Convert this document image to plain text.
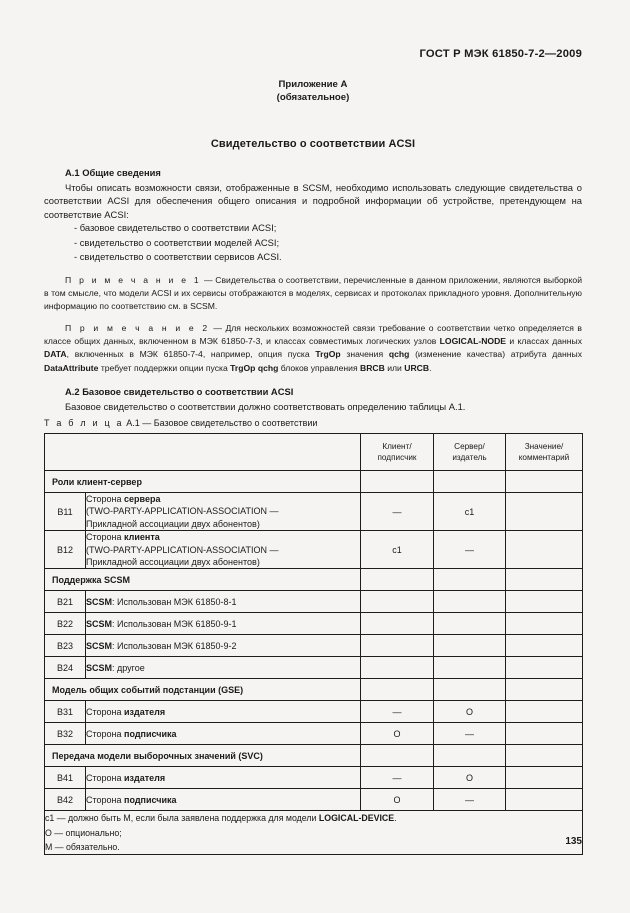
ГОСТ Р МЭК 61850-7-2—2009
Приложение А
(обязательное)
Свидетельство о соответствии ACSI
А.1 Общие сведения

Чтобы описать возможности связи, отображенные в SCSM, необходимо использовать следующие свидетельства о соответствии ACSI для обеспечения общего описания и подробной информации об устройстве, претендующем на соответствие ACSI:

- базовое свидетельство о соответствии ACSI;
- свидетельство о соответствии моделей ACSI;
- свидетельство о соответствии сервисов ACSI.

П р и м е ч а н и е 1 — Свидетельства о соответствии, перечисленные в данном приложении, являются выборкой в том смысле, что модели ACSI и их сервисы отображаются в моделях, сервисах и протоколах прикладного уровня. Дополнительную информацию по соответствию см. в SCSM.

П р и м е ч а н и е 2 — Для нескольких возможностей связи требование о соответствии четко определяется в классе общих данных, включенном в МЭК 61850-7-3, и классах совместимых логических узлов LOGICAL-NODE и классах данных DATA, включенных в МЭК 61850-7-4, например, опция пуска TrgOp значения qchg (изменение качества) атрибута данных DataAttribute требует поддержки опции пуска TrgOp qchg блоков управления BRCB или URCB.

А.2 Базовое свидетельство о соответствии ACSI

Базовое свидетельство о соответствии должно соответствовать определению таблицы А.1.

Т а б л и ц а А.1 — Базовое свидетельство о соответствии
		Клиент/
подписчик	Сервер/
издатель	Значение/
комментарий
Роли клиент-сервер				
В11	Сторона сервера
(TWO-PARTY-APPLICATION-ASSOCIATION —
Прикладной ассоциации двух абонентов)	—	c1	
В12	Сторона клиента
(TWO-PARTY-APPLICATION-ASSOCIATION —
Прикладной ассоциации двух абонентов)	c1	—	
Поддержка SCSM				
В21	SCSM: Использован МЭК 61850-8-1			
В22	SCSM: Использован МЭК 61850-9-1			
В23	SCSM: Использован МЭК 61850-9-2			
В24	SCSM: другое			
Модель общих событий подстанции (GSE)				
В31	Сторона издателя	—	О	
В32	Сторона подписчика	О	—	
Передача модели выборочных значений (SVC)				
В41	Сторона издателя	—	О	
В42	Сторона подписчика	О	—	
c1 — должно быть М, если была заявлена поддержка для модели LOGICAL-DEVICE.
О — опционально;
М — обязательно.					135
